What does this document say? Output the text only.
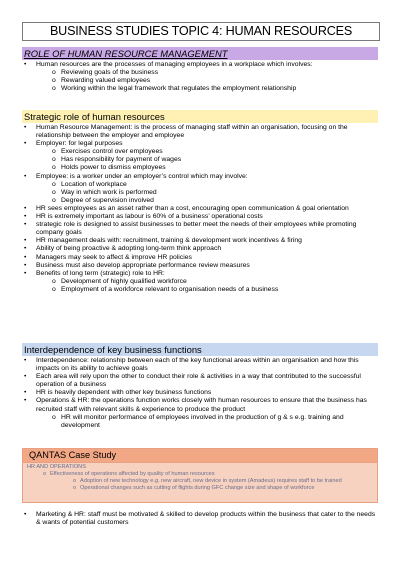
BUSINESS STUDIES TOPIC 4: HUMAN RESOURCES
ROLE OF HUMAN RESOURCE MANAGEMENT
• Human resources are the processes of managing employees in a workplace which involves:
o Reviewing goals of the business
o Rewarding valued employees
o Working within the legal framework that regulates the employment relationship
Strategic role of human resources
• Human Resource Management: is the process of managing staff within an organisation, focusing on the relationship between the employer and employee
• Employer: for legal purposes
o Exercises control over employees
o Has responsibility for payment of wages
o Holds power to dismiss employees
• Employee: is a worker under an employer’s control which may involve:
o Location of workplace
o Way in which work is performed
o Degree of supervision involved
• HR sees employees as an asset rather than a cost, encouraging open communication & goal orientation
• HR is extremely important as labour is 60% of a business’ operational costs
• strategic role is designed to assist businesses to better meet the needs of their employees while promoting company goals
• HR management deals with: recruitment, training & development work incentives & firing
• Ability of being proactive & adopting long-term think approach
• Managers may seek to affect & improve HR policies
• Business must also develop appropriate performance review measures
• Benefits of long term (strategic) role to HR:
o Development of highly qualified workforce
o Employment of a workforce relevant to organisation needs of a business
Interdependence of key business functions
• Interdependence: relationship between each of the key functional areas within an organisation and how this impacts on its ability to achieve goals
• Each area will rely upon the other to conduct their role & activities in a way that contributed to the successful operation of a business
• HR is heavily dependent with other key business functions
• Operations & HR: the operations function works closely with human resources to ensure that the business has recruited staff with relevant skills & experience to produce the product
o HR will monitor performance of employees involved in the production of g & s e.g. training and development
QANTAS Case Study
HR AND OPERATIONS
o Effectiveness of operations affected by quality of human resources
o Adoption of new technology e.g. new aircraft, new device in system (Amadeus) requires staff to be trained
o Operational changes such as cutting of flights during GFC change size and shape of workforce
• Marketing & HR: staff must be motivated & skilled to develop products within the business that cater to the needs & wants of potential customers
